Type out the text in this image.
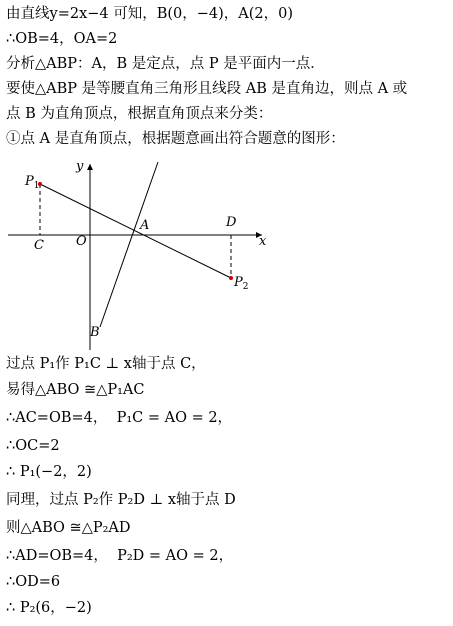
由直线y=2x−4 可知，B(0，−4)，A(2，0)
∴OB=4，OA=2
分析△ABP：A，B 是定点，点 P 是平面内一点．
要使△ABP 是等腰直角三角形且线段 AB 是直角边，则点 A 或
点 B 为直角顶点，根据直角顶点来分类：
①点 A 是直角顶点，根据题意画出符合题意的图形：
y
x
O
A
B
C
D
$P_1$
$P_2$
过点 P₁作 P₁C ⊥ x轴于点 C，
易得△ABO ≅△P₁AC
∴AC=OB=4，  P₁C = AO = 2，
∴OC=2
∴ P₁(−2，2)
同理，过点 P₂作 P₂D ⊥ x轴于点 D
则△ABO ≅△P₂AD
∴AD=OB=4，  P₂D = AO = 2，
∴OD=6
∴ P₂(6，−2)
